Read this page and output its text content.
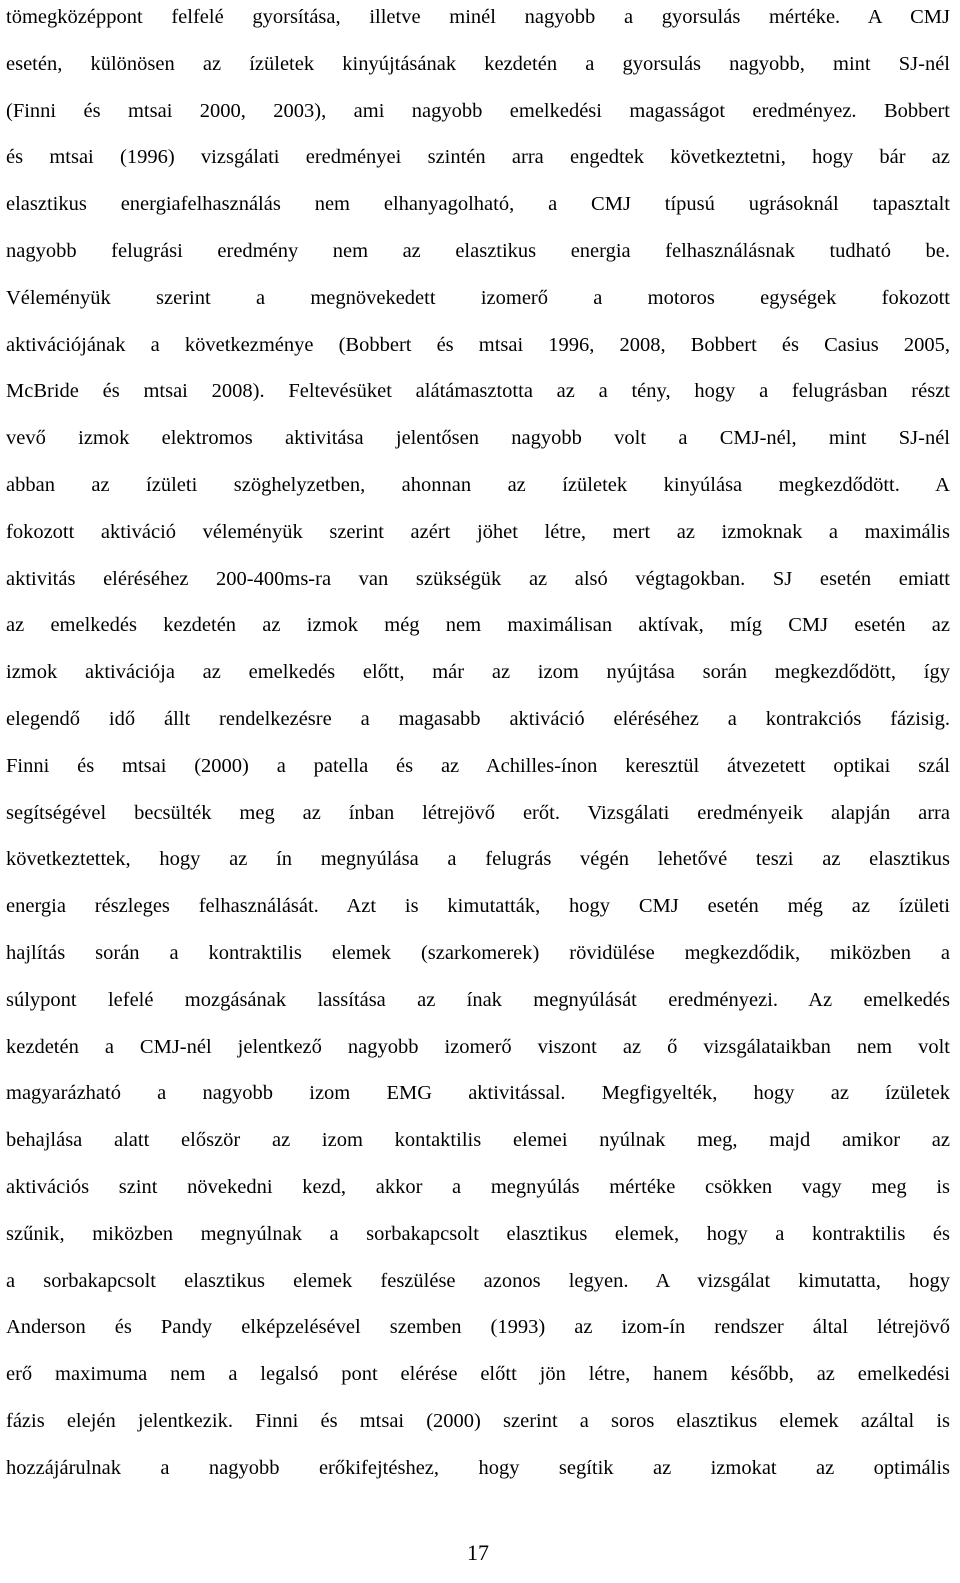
tömegközéppont felfelé gyorsítása, illetve minél nagyobb a gyorsulás mértéke. A CMJ
esetén, különösen az ízületek kinyújtásának kezdetén a gyorsulás nagyobb, mint SJ-nél
(Finni és mtsai 2000, 2003), ami nagyobb emelkedési magasságot eredményez. Bobbert
és mtsai (1996) vizsgálati eredményei szintén arra engedtek következtetni, hogy bár az
elasztikus energiafelhasználás nem elhanyagolható, a CMJ típusú ugrásoknál tapasztalt
nagyobb felugrási eredmény nem az elasztikus energia felhasználásnak tudható be.
Véleményük szerint a megnövekedett izomerő a motoros egységek fokozott
aktivációjának a következménye (Bobbert és mtsai 1996, 2008, Bobbert és Casius 2005,
McBride és mtsai 2008). Feltevésüket alátámasztotta az a tény, hogy a felugrásban részt
vevő izmok elektromos aktivitása jelentősen nagyobb volt a CMJ-nél, mint SJ-nél
abban az ízületi szöghelyzetben, ahonnan az ízületek kinyúlása megkezdődött. A
fokozott aktiváció véleményük szerint azért jöhet létre, mert az izmoknak a maximális
aktivitás eléréséhez 200-400ms-ra van szükségük az alsó végtagokban. SJ esetén emiatt
az emelkedés kezdetén az izmok még nem maximálisan aktívak, míg CMJ esetén az
izmok aktivációja az emelkedés előtt, már az izom nyújtása során megkezdődött, így
elegendő idő állt rendelkezésre a magasabb aktiváció eléréséhez a kontrakciós fázisig.
Finni és mtsai (2000) a patella és az Achilles-ínon keresztül átvezetett optikai szál
segítségével becsülték meg az ínban létrejövő erőt. Vizsgálati eredményeik alapján arra
következtettek, hogy az ín megnyúlása a felugrás végén lehetővé teszi az elasztikus
energia részleges felhasználását. Azt is kimutatták, hogy CMJ esetén még az ízületi
hajlítás során a kontraktilis elemek (szarkomerek) rövidülése megkezdődik, miközben a
súlypont lefelé mozgásának lassítása az ínak megnyúlását eredményezi. Az emelkedés
kezdetén a CMJ-nél jelentkező nagyobb izomerő viszont az ő vizsgálataikban nem volt
magyarázható a nagyobb izom EMG aktivitással. Megfigyelték, hogy az ízületek
behajlása alatt először az izom kontaktilis elemei nyúlnak meg, majd amikor az
aktivációs szint növekedni kezd, akkor a megnyúlás mértéke csökken vagy meg is
szűnik, miközben megnyúlnak a sorbakapcsolt elasztikus elemek, hogy a kontraktilis és
a sorbakapcsolt elasztikus elemek feszülése azonos legyen. A vizsgálat kimutatta, hogy
Anderson és Pandy elképzelésével szemben (1993) az izom-ín rendszer által létrejövő
erő maximuma nem a legalsó pont elérése előtt jön létre, hanem később, az emelkedési
fázis elején jelentkezik. Finni és mtsai (2000) szerint a soros elasztikus elemek azáltal is
hozzájárulnak a nagyobb erőkifejtéshez, hogy segítik az izmokat az optimális
17
